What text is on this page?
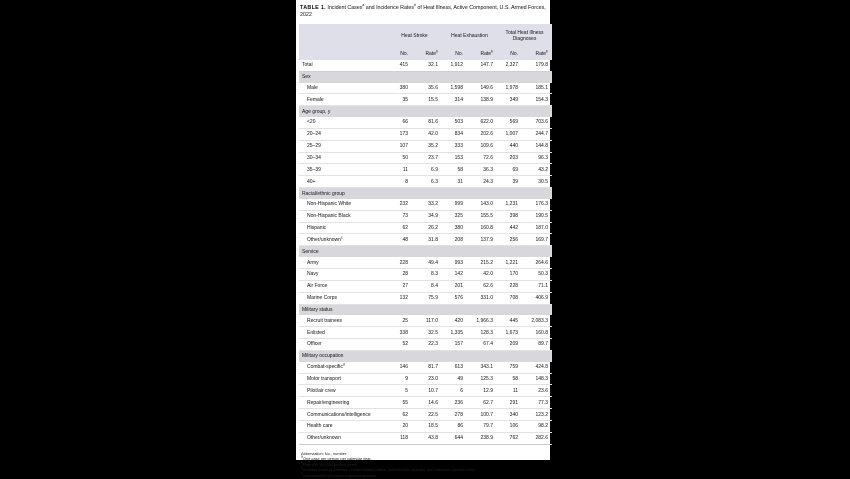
TABLE 1. Incident Cases$^a$ and Incidence Rates$^b$ of Heat Illness, Active Component, U.S. Armed Forces, 2022
	Heat Stroke		Heat Exhaustion		Total Heat Illness Diagnoses	
	No.	Rate$^b$	No.	Rate$^b$	No.	Rate$^b$
Total	415	32.1	1,912	147.7	2,327	179.8
Sex						
Male	380	35.6	1,598	149.6	1,978	185.1
Female	35	15.5	314	138.9	349	154.3
Age group, y						
<20	66	81.6	503	622.0	569	703.6
20–24	173	42.0	834	202.6	1,007	244.7
25–29	107	35.2	333	109.6	440	144.8
30–34	50	23.7	153	72.6	203	96.3
35–39	11	6.9	58	36.3	69	43.2
40+	8	6.3	31	24.3	39	30.5
Racial/ethnic group						
Non-Hispanic White	232	33.2	999	143.0	1,231	176.3
Non-Hispanic Black	73	34.9	325	155.5	398	190.5
Hispanic	62	26.2	380	160.8	442	187.0
Other/unknown$^c$	48	31.8	208	137.9	256	169.7
Service						
Army	228	49.4	993	215.2	1,221	264.6
Navy	28	8.3	142	42.0	170	50.3
Air Force	27	8.4	201	62.6	228	71.1
Marine Corps	132	75.9	576	331.0	708	406.9
Military status						
Recruit trainees	25	117.0	420	1,966.3	445	2,083.3
Enlisted	338	32.5	1,335	128.3	1,673	160.8
Officer	52	22.3	157	67.4	209	89.7
Military occupation						
Combat-specific$^d$	146	81.7	613	343.1	759	424.8
Motor transport	9	23.0	49	125.3	58	148.3
Pilot/air crew	5	10.7	6	12.9	11	23.6
Repair/engineering	55	14.6	236	62.7	291	77.3
Communications/intelligence	62	22.5	278	100.7	340	123.2
Health care	20	18.5	86	79.7	106	98.2
Other/unknown	118	43.8	644	238.9	762	282.6
Abbreviation: No., number.
$^a$One case per person per calendar year.
$^b$Rate per 100,000 person-years.
$^c$Includes those of American Indian/Alaska Native, Asian/Pacific Islander, and unknown race/ethnicity.
$^d$Infantry/artillery/combat engineering/armor.
